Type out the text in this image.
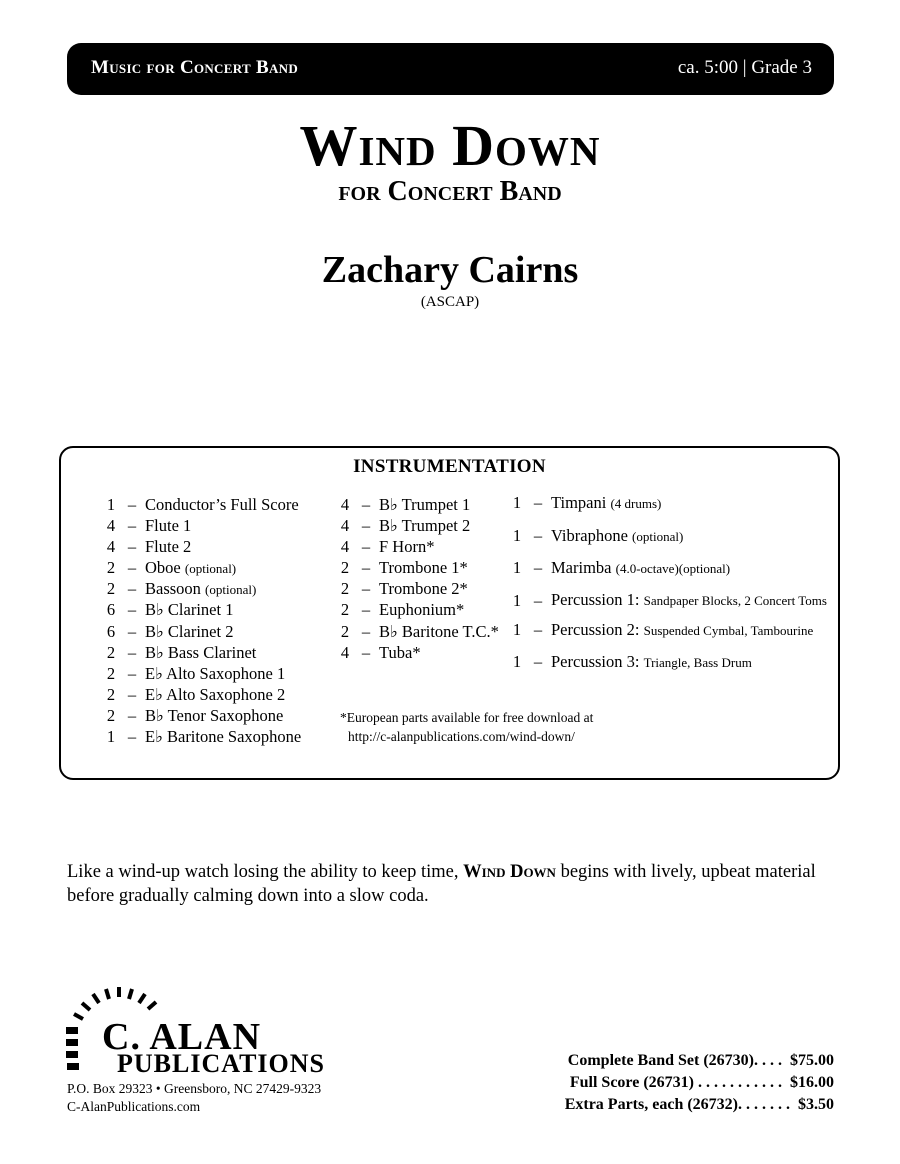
Music for Concert Band	ca. 5:00 | Grade 3
Wind Down
for Concert Band
Zachary Cairns
(ASCAP)
INSTRUMENTATION
1 – Conductor’s Full Score
4 – Flute 1
4 – Flute 2
2 – Oboe (optional)
2 – Bassoon (optional)
6 – B♭ Clarinet 1
6 – B♭ Clarinet 2
2 – B♭ Bass Clarinet
2 – E♭ Alto Saxophone 1
2 – E♭ Alto Saxophone 2
2 – B♭ Tenor Saxophone
1 – E♭ Baritone Saxophone
4 – B♭ Trumpet 1
4 – B♭ Trumpet 2
4 – F Horn*
2 – Trombone 1*
2 – Trombone 2*
2 – Euphonium*
2 – B♭ Baritone T.C.*
4 – Tuba*
1 – Timpani (4 drums)
1 – Vibraphone (optional)
1 – Marimba (4.0-octave)(optional)
1 – Percussion 1: Sandpaper Blocks, 2 Concert Toms
1 – Percussion 2: Suspended Cymbal, Tambourine
1 – Percussion 3: Triangle, Bass Drum
*European parts available for free download at
http://c-alanpublications.com/wind-down/
Like a wind-up watch losing the ability to keep time, Wind Down begins with lively, upbeat material before gradually calming down into a slow coda.
C. ALAN
PUBLICATIONS
P.O. Box 29323 • Greensboro, NC 27429-9323
C-AlanPublications.com
Complete Band Set (26730). . . .  $75.00
Full Score (26731) . . . . . . . . . . .  $16.00
Extra Parts, each (26732). . . . . . .  $3.50
